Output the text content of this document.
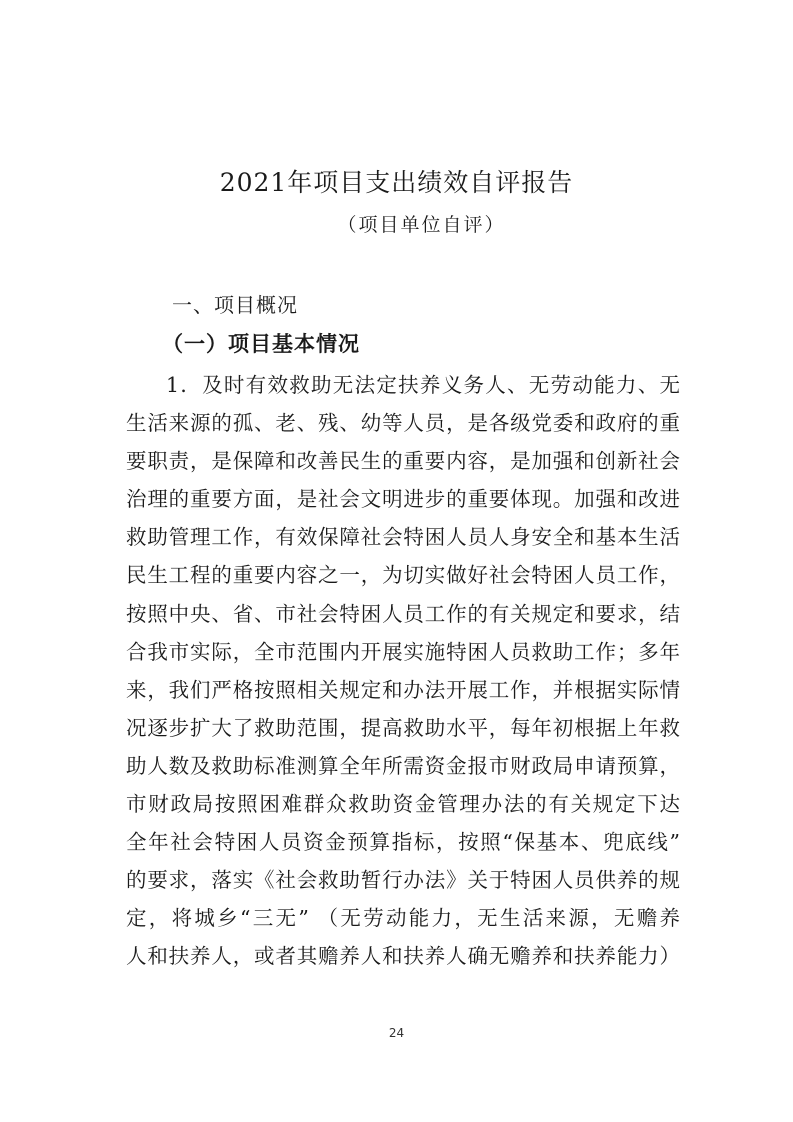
2021年项目支出绩效自评报告
（项目单位自评）
一、项目概况
（一）项目基本情况
1．及时有效救助无法定扶养义务人、无劳动能力、无
生活来源的孤、老、残、幼等人员，是各级党委和政府的重
要职责，是保障和改善民生的重要内容，是加强和创新社会
治理的重要方面，是社会文明进步的重要体现。加强和改进
救助管理工作，有效保障社会特困人员人身安全和基本生活
民生工程的重要内容之一，为切实做好社会特困人员工作，
按照中央、省、市社会特困人员工作的有关规定和要求，结
合我市实际，全市范围内开展实施特困人员救助工作；多年
来，我们严格按照相关规定和办法开展工作，并根据实际情
况逐步扩大了救助范围，提高救助水平，每年初根据上年救
助人数及救助标准测算全年所需资金报市财政局申请预算，
市财政局按照困难群众救助资金管理办法的有关规定下达
全年社会特困人员资金预算指标，按照“保基本、兜底线”
的要求，落实《社会救助暂行办法》关于特困人员供养的规
定，将城乡“三无” （无劳动能力，无生活来源，无赡养
人和扶养人，或者其赡养人和扶养人确无赡养和扶养能力）
24
